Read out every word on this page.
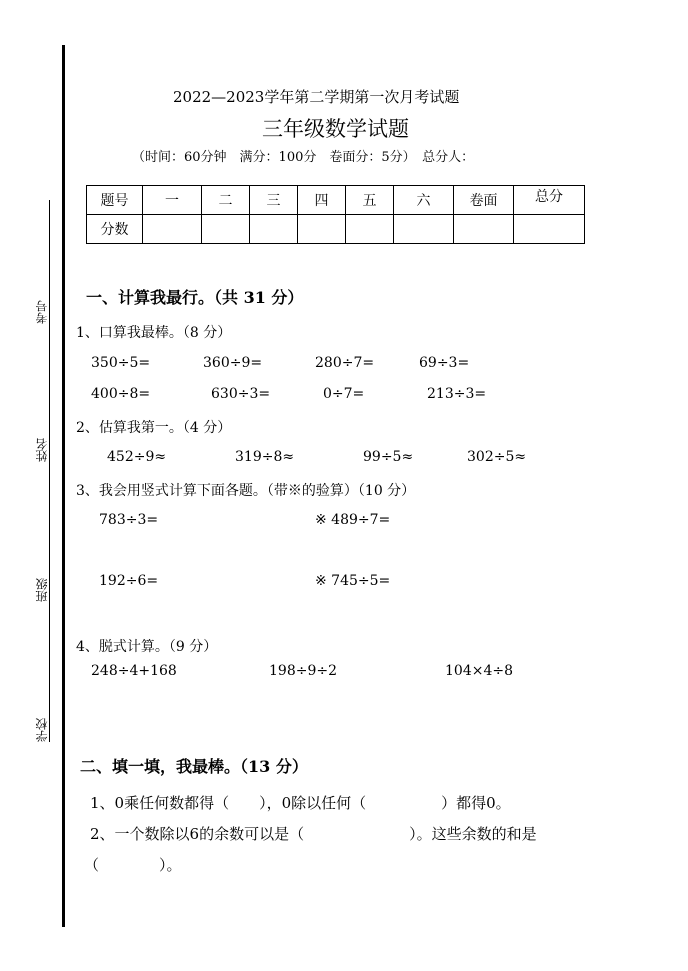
考号
姓名
班级
学校
2022—2023学年第二学期第一次月考试题
三年级数学试题
（时间：60分钟　满分：100分　卷面分：5分）　总分人：
题号	一	二	三	四	五	六	卷面	总分
分数								
一、计算我最行。（共 31 分）
1、口算我最棒。（8 分）
350÷5=	360÷9=	280÷7=	69÷3=
400÷8=	630÷3=	0÷7=	213÷3=
2、估算我第一。（4 分）
452÷9≈	319÷8≈	99÷5≈	302÷5≈
3、我会用竖式计算下面各题。（带※的验算）（10 分）
783÷3=	※ 489÷7=
192÷6=	※ 745÷5=
4、脱式计算。（9 分）
248÷4+168	198÷9÷2	104×4÷8
二、填一填，我最棒。（13 分）
1、0乘任何数都得（　　），0除以任何（　　　　　）都得0。
2、一个数除以6的余数可以是（　　　　　　　）。这些余数的和是
（　　　　）。
